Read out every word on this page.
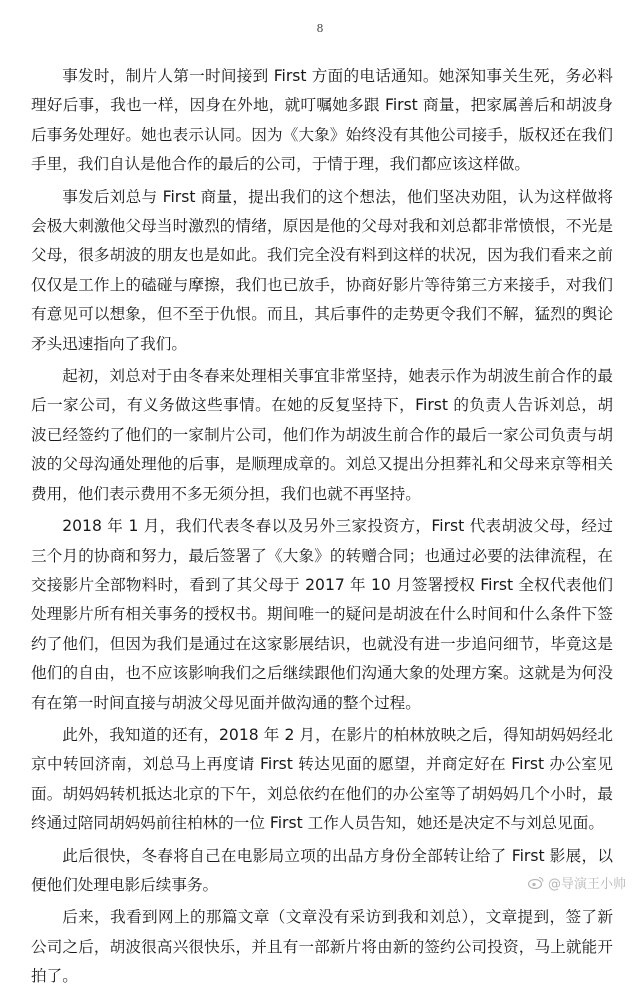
8

事发时，制片人第一时间接到 First 方面的电话通知。她深知事关生死，务必料理好后事，我也一样，因身在外地，就叮嘱她多跟 First 商量，把家属善后和胡波身后事务处理好。她也表示认同。因为《大象》始终没有其他公司接手，版权还在我们手里，我们自认是他合作的最后的公司，于情于理，我们都应该这样做。

事发后刘总与 First 商量，提出我们的这个想法，他们坚决劝阻，认为这样做将会极大刺激他父母当时激烈的情绪，原因是他的父母对我和刘总都非常愤恨，不光是父母，很多胡波的朋友也是如此。我们完全没有料到这样的状况，因为我们看来之前仅仅是工作上的磕碰与摩擦，我们也已放手，协商好影片等待第三方来接手，对我们有意见可以想象，但不至于仇恨。而且，其后事件的走势更令我们不解，猛烈的舆论矛头迅速指向了我们。

起初，刘总对于由冬春来处理相关事宜非常坚持，她表示作为胡波生前合作的最后一家公司，有义务做这些事情。在她的反复坚持下，First 的负责人告诉刘总，胡波已经签约了他们的一家制片公司，他们作为胡波生前合作的最后一家公司负责与胡波的父母沟通处理他的后事，是顺理成章的。刘总又提出分担葬礼和父母来京等相关费用，他们表示费用不多无须分担，我们也就不再坚持。

2018 年 1 月，我们代表冬春以及另外三家投资方，First 代表胡波父母，经过三个月的协商和努力，最后签署了《大象》的转赠合同；也通过必要的法律流程，在交接影片全部物料时，看到了其父母于 2017 年 10 月签署授权 First 全权代表他们处理影片所有相关事务的授权书。期间唯一的疑问是胡波在什么时间和什么条件下签约了他们，但因为我们是通过在这家影展结识，也就没有进一步追问细节，毕竟这是他们的自由，也不应该影响我们之后继续跟他们沟通大象的处理方案。这就是为何没有在第一时间直接与胡波父母见面并做沟通的整个过程。

此外，我知道的还有，2018 年 2 月，在影片的柏林放映之后，得知胡妈妈经北京中转回济南，刘总马上再度请 First 转达见面的愿望，并商定好在 First 办公室见面。胡妈妈转机抵达北京的下午，刘总依约在他们的办公室等了胡妈妈几个小时，最终通过陪同胡妈妈前往柏林的一位 First 工作人员告知，她还是决定不与刘总见面。

此后很快，冬春将自己在电影局立项的出品方身份全部转让给了 First 影展，以便他们处理电影后续事务。

后来，我看到网上的那篇文章（文章没有采访到我和刘总），文章提到，签了新公司之后，胡波很高兴很快乐，并且有一部新片将由新的签约公司投资，马上就能开拍了。

@导演王小帅
